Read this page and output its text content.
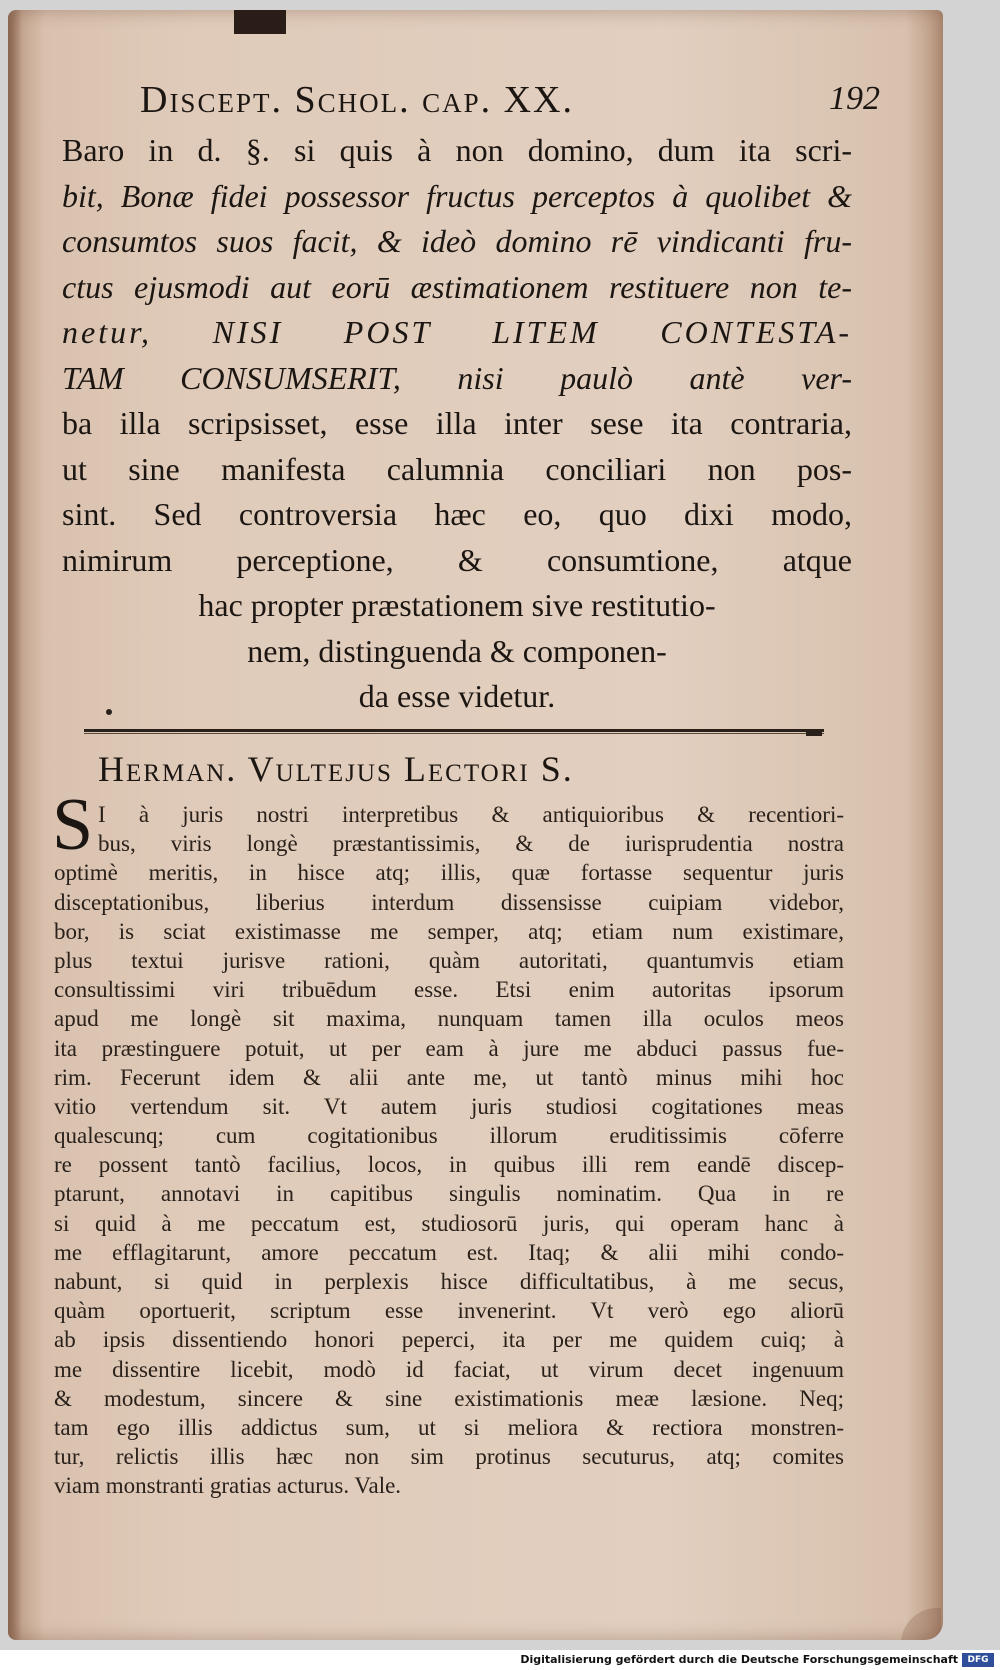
Discept. Schol. cap. XX.	192
Baro in d. §. si quis à non domino, dum ita scri-
bit, Bonæ fidei possessor fructus perceptos à quolibet &
consumtos suos facit, & ideò domino rē vindicanti fru-
ctus ejusmodi aut eorū æstimationem restituere non te-
netur, NISI POST LITEM CONTESTA-
TAM CONSUMSERIT, nisi paulò antè ver-
ba illa scripsisset, esse illa inter sese ita contraria,
ut sine manifesta calumnia conciliari non pos-
sint. Sed controversia hæc eo, quo dixi modo,
nimirum perceptione, & consumtione, atque
hac propter præstationem sive restitutio-
nem, distinguenda & componen-
da esse videtur.
Herman. Vultejus Lectori S.
S I à juris nostri interpretibus & antiquioribus & recentiori-
bus, viris longè præstantissimis, & de iurisprudentia nostra
optimè meritis, in hisce atq; illis, quæ fortasse sequentur juris
disceptationibus, liberius interdum dissensisse cuipiam videbor,
bor, is sciat existimasse me semper, atq; etiam num existimare,
plus textui jurisve rationi, quàm autoritati, quantumvis etiam
consultissimi viri tribuēdum esse. Etsi enim autoritas ipsorum
apud me longè sit maxima, nunquam tamen illa oculos meos
ita præstinguere potuit, ut per eam à jure me abduci passus fue-
rim. Fecerunt idem & alii ante me, ut tantò minus mihi hoc
vitio vertendum sit. Vt autem juris studiosi cogitationes meas
qualescunq; cum cogitationibus illorum eruditissimis cōferre
re possent tantò facilius, locos, in quibus illi rem eandē discep-
ptarunt, annotavi in capitibus singulis nominatim. Qua in re
si quid à me peccatum est, studiosorū juris, qui operam hanc à
me efflagitarunt, amore peccatum est. Itaq; & alii mihi condo-
nabunt, si quid in perplexis hisce difficultatibus, à me secus,
quàm oportuerit, scriptum esse invenerint. Vt verò ego aliorū
ab ipsis dissentiendo honori peperci, ita per me quidem cuiq; à
me dissentire licebit, modò id faciat, ut virum decet ingenuum
& modestum, sincere & sine existimationis meæ læsione. Neq;
tam ego illis addictus sum, ut si meliora & rectiora monstren-
tur, relictis illis hæc non sim protinus secuturus, atq; comites
viam monstranti gratias acturus. Vale.
Digitalisierung gefördert durch die Deutsche Forschungsgemeinschaft	DFG
